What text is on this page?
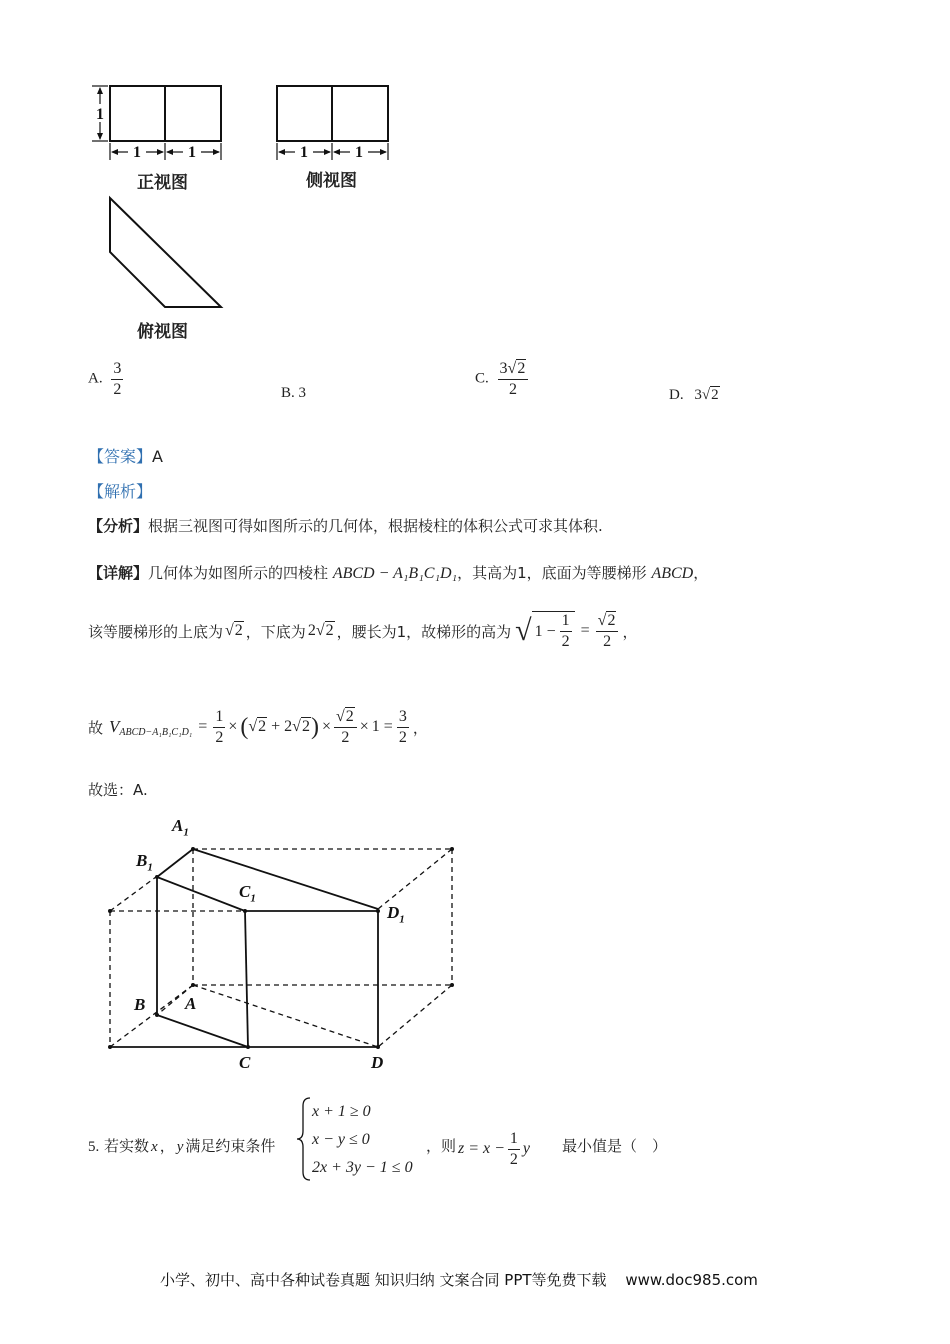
1
1	1	1	1
正视图	侧视图
俯视图
A. $\frac{3}{2}$	B. 3
C. $\frac{3√2}{2}$	D. 3√2
【答案】A
【解析】
【分析】根据三视图可得如图所示的几何体，根据棱柱的体积公式可求其体积.
【详解】几何体为如图所示的四棱柱 ABCD − A₁B₁C₁D₁，其高为1，底面为等腰梯形 ABCD，
该等腰梯形的上底为 √2 ，下底为 2 √2 ，腰长为1，故梯形的高为 √ $1 - \frac{1}{2} = \frac{√2}{2}$ ，
故 V ABCD−A₁B₁C₁D₁ = $\frac{1}{2}$ × ( √2 + 2 √2 ) × $\frac{√2}{2} \times 1 = \frac{3}{2}$ ，
故选：A.
$A_1$
$B_1$
$C_1$
$D_1$
B A
C	D
5. 若实数 x ， y 满足约束条件
x + 1 ≥ 0
x − y ≤ 0
2x + 3y − 1 ≤ 0
，则 $z = x - \frac{1}{2}$ y 最小值是（　）
小学、初中、高中各种试卷真题 知识归纳 文案合同 PPT等免费下载 www.doc985.com
